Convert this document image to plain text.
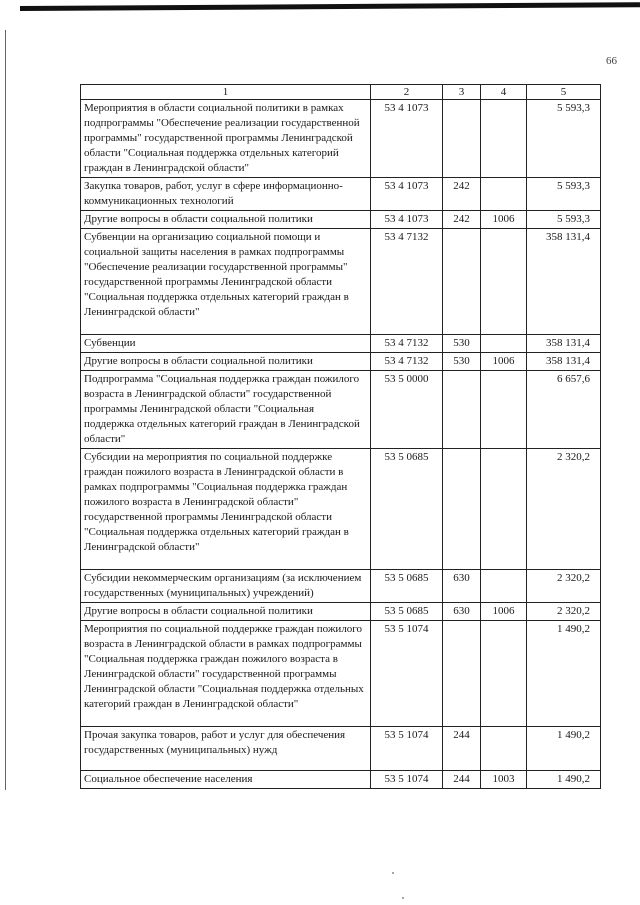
66
1	2	3	4	5
Мероприятия в области социальной политики в рамках подпрограммы "Обеспечение реализации государственной программы" государственной программы Ленинградской области "Социальная поддержка отдельных категорий граждан в Ленинградской области"	53 4 1073			5 593,3
Закупка товаров, работ, услуг в сфере информационно-коммуникационных технологий	53 4 1073	242		5 593,3
Другие вопросы в области социальной политики	53 4 1073	242	1006	5 593,3
Субвенции на организацию социальной помощи и социальной защиты населения в рамках подпрограммы "Обеспечение реализации государственной программы" государственной программы Ленинградской области "Социальная поддержка отдельных категорий граждан в Ленинградской области"	53 4 7132			358 131,4
Субвенции	53 4 7132	530		358 131,4
Другие вопросы в области социальной политики	53 4 7132	530	1006	358 131,4
Подпрограмма "Социальная поддержка граждан пожилого возраста в Ленинградской области" государственной программы Ленинградской области "Социальная поддержка отдельных категорий граждан в Ленинградской области"	53 5 0000			6 657,6
Субсидии на мероприятия по социальной поддержке граждан пожилого возраста в Ленинградской области в рамках подпрограммы "Социальная поддержка граждан пожилого возраста в Ленинградской области" государственной программы Ленинградской области "Социальная поддержка отдельных категорий граждан в Ленинградской области"	53 5 0685			2 320,2
Субсидии некоммерческим организациям (за исключением государственных (муниципальных) учреждений)	53 5 0685	630		2 320,2
Другие вопросы в области социальной политики	53 5 0685	630	1006	2 320,2
Мероприятия по социальной поддержке граждан пожилого возраста в Ленинградской области в рамках подпрограммы "Социальная поддержка граждан пожилого возраста в Ленинградской области" государственной программы Ленинградской области "Социальная поддержка отдельных категорий граждан в Ленинградской области"	53 5 1074			1 490,2
Прочая закупка товаров, работ и услуг для обеспечения государственных (муниципальных) нужд	53 5 1074	244		1 490,2
Социальное обеспечение населения	53 5 1074	244	1003	1 490,2
